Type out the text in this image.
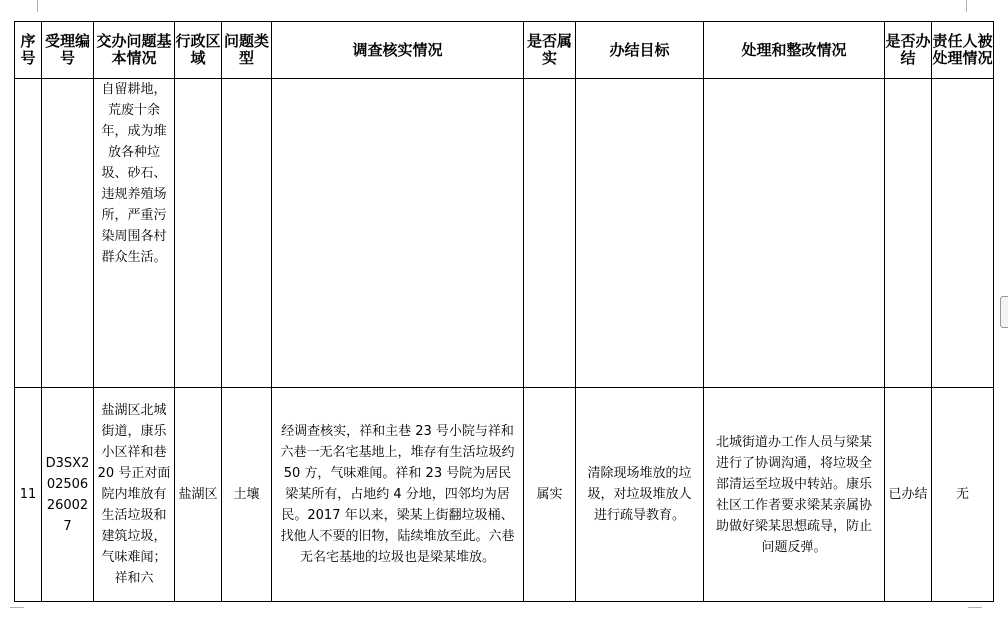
序号	受理编号	交办问题基本情况	行政区域	问题类型	调查核实情况	是否属实	办结目标	处理和整改情况	是否办结	责任人被处理情况
		自留耕地，荒废十余年，成为堆放各种垃圾、砂石、违规养殖场所，严重污染周围各村群众生活。								
11	D3SX20250626002 7	盐湖区北城街道，康乐小区祥和巷 20 号正对面院内堆放有生活垃圾和建筑垃圾，气味难闻；祥和六	盐湖区	土壤	经调查核实，祥和主巷 23 号小院与祥和六巷一无名宅基地上，堆存有生活垃圾约 50 方，气味难闻。祥和 23 号院为居民梁某所有，占地约 4 分地，四邻均为居民。2017 年以来，梁某上街翻垃圾桶、找他人不要的旧物，陆续堆放至此。六巷无名宅基地的垃圾也是梁某堆放。	属实	清除现场堆放的垃圾，对垃圾堆放人进行疏导教育。	北城街道办工作人员与梁某进行了协调沟通，将垃圾全部清运至垃圾中转站。康乐社区工作者要求梁某亲属协助做好梁某思想疏导，防止问题反弹。	已办结	无
